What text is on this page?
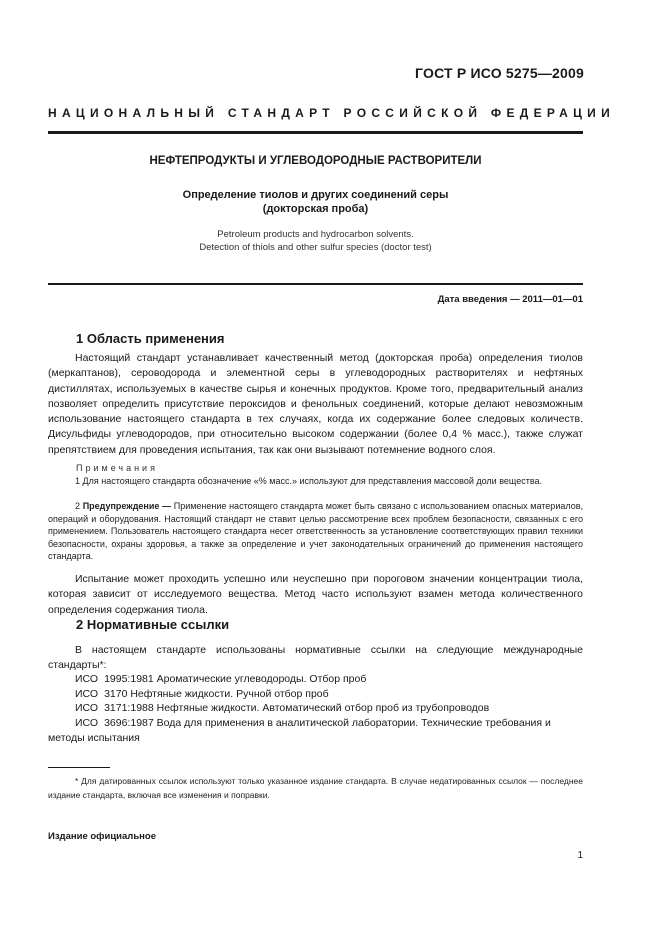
ГОСТ Р ИСО 5275—2009
НАЦИОНАЛЬНЫЙ СТАНДАРТ РОССИЙСКОЙ ФЕДЕРАЦИИ
НЕФТЕПРОДУКТЫ И УГЛЕВОДОРОДНЫЕ РАСТВОРИТЕЛИ
Определение тиолов и других соединений серы
(докторская проба)
Petroleum products and hydrocarbon solvents.
Detection of thiols and other sulfur species (doctor test)
Дата введения — 2011—01—01
1 Область применения

Настоящий стандарт устанавливает качественный метод (докторская проба) определения тиолов (меркаптанов), сероводорода и элементной серы в углеводородных растворителях и нефтяных дистиллятах, используемых в качестве сырья и конечных продуктов. Кроме того, предварительный анализ позволяет определить присутствие пероксидов и фенольных соединений, которые делают невозможным использование настоящего стандарта в тех случаях, когда их содержание более следовых количеств. Дисульфиды углеводородов, при относительно высоком содержании (более 0,4 % масс.), также служат препятствием для проведения испытания, так как они вызывают потемнение водного слоя.

Примечания

1 Для настоящего стандарта обозначение «% масс.» используют для представления массовой доли вещества.

2 Предупреждение — Применение настоящего стандарта может быть связано с использованием опасных материалов, операций и оборудования. Настоящий стандарт не ставит целью рассмотрение всех проблем безопасности, связанных с его применением. Пользователь настоящего стандарта несет ответственность за установление соответствующих правил техники безопасности, охраны здоровья, а также за определение и учет законодательных ограничений до применения настоящего стандарта.

Испытание может проходить успешно или неуспешно при пороговом значении концентрации тиола, которая зависит от исследуемого вещества. Метод часто используют взамен метода количественного определения содержания тиола.

2 Нормативные ссылки

В настоящем стандарте использованы нормативные ссылки на следующие международные стандарты*:

ИСО 1995:1981 Ароматические углеводороды. Отбор проб
ИСО 3170 Нефтяные жидкости. Ручной отбор проб
ИСО 3171:1988 Нефтяные жидкости. Автоматический отбор проб из трубопроводов
ИСО 3696:1987 Вода для применения в аналитической лаборатории. Технические требования и методы испытания

* Для датированных ссылок используют только указанное издание стандарта. В случае недатированных ссылок — последнее издание стандарта, включая все изменения и поправки.

Издание официальное
1
